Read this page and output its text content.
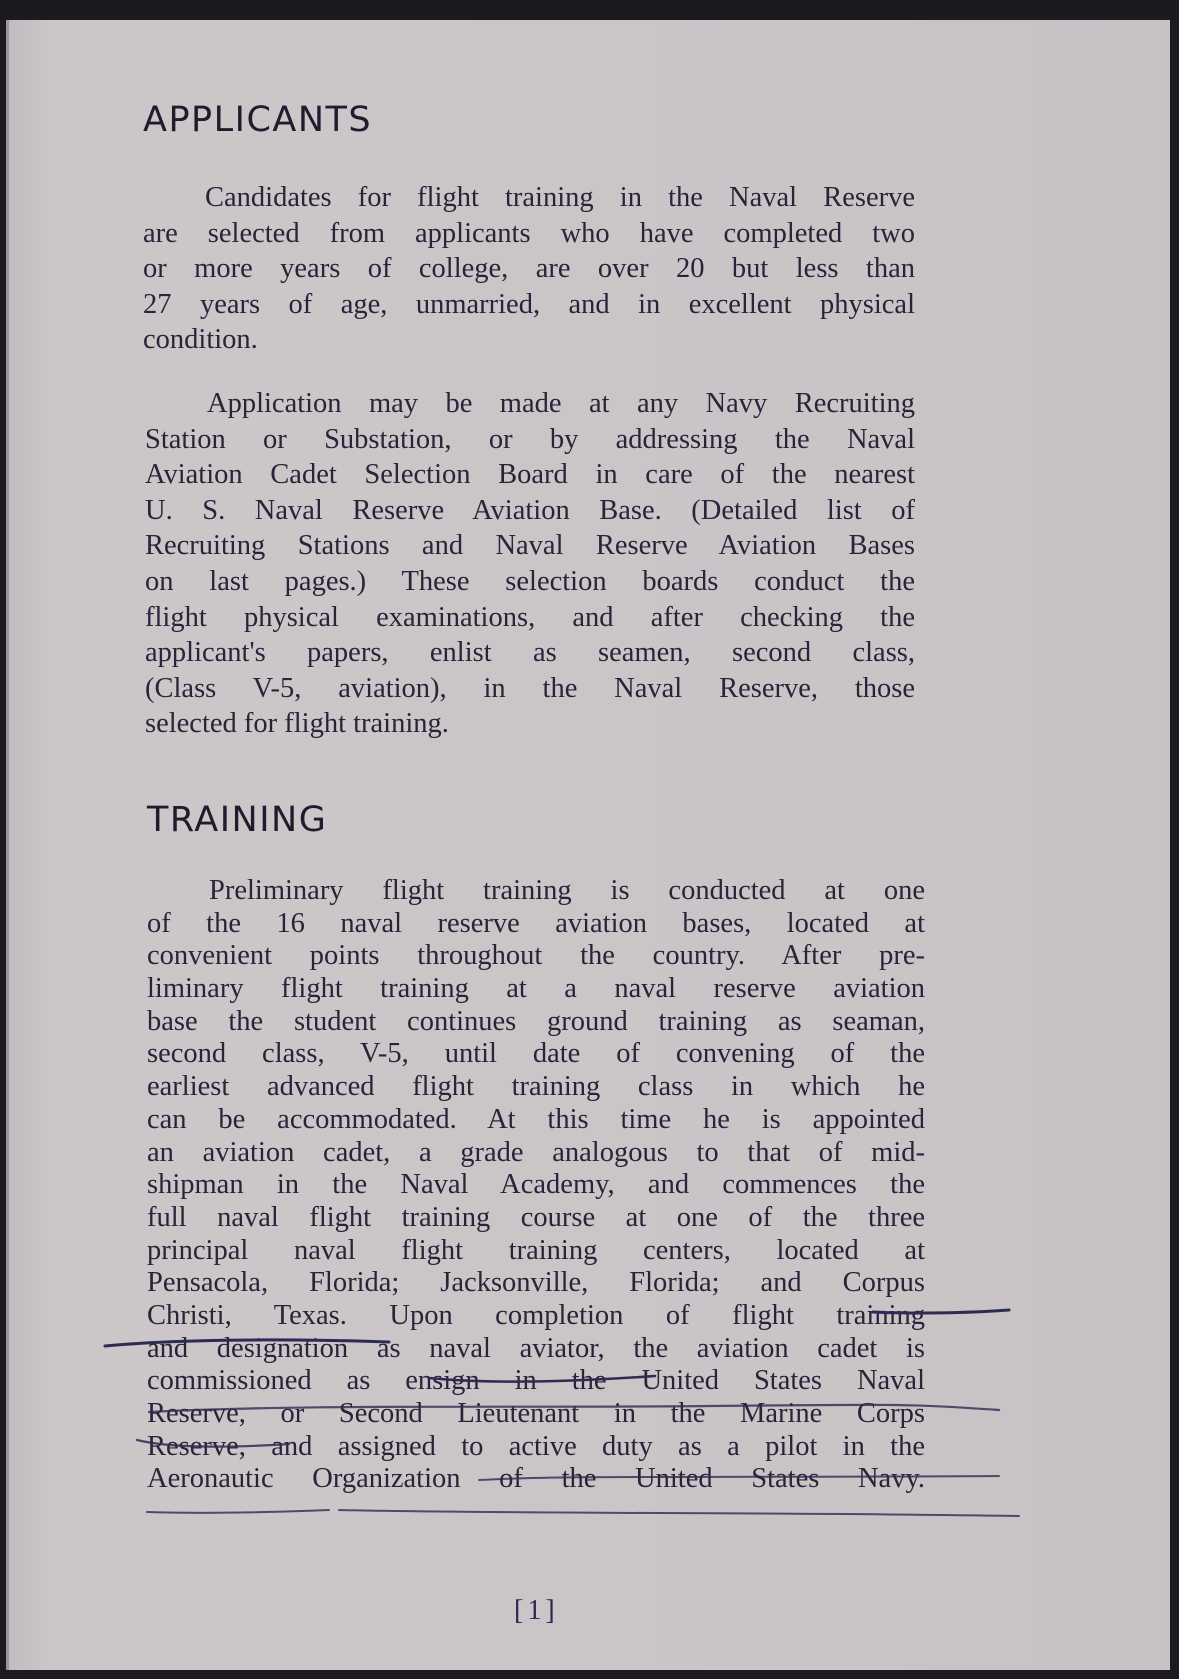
APPLICANTS
Candidates for flight training in the Naval Reserve
are selected from applicants who have completed two
or more years of college, are over 20 but less than
27 years of age, unmarried, and in excellent physical
condition.
Application may be made at any Navy Recruiting
Station or Substation, or by addressing the Naval
Aviation Cadet Selection Board in care of the nearest
U. S. Naval Reserve Aviation Base. (Detailed list of
Recruiting Stations and Naval Reserve Aviation Bases
on last pages.) These selection boards conduct the
flight physical examinations, and after checking the
applicant's papers, enlist as seamen, second class,
(Class V-5, aviation), in the Naval Reserve, those
selected for flight training.
TRAINING
Preliminary flight training is conducted at one
of the 16 naval reserve aviation bases, located at
convenient points throughout the country. After pre-
liminary flight training at a naval reserve aviation
base the student continues ground training as seaman,
second class, V-5, until date of convening of the
earliest advanced flight training class in which he
can be accommodated. At this time he is appointed
an aviation cadet, a grade analogous to that of mid-
shipman in the Naval Academy, and commences the
full naval flight training course at one of the three
principal naval flight training centers, located at
Pensacola, Florida; Jacksonville, Florida; and Corpus
Christi, Texas. Upon completion of flight training
and designation as naval aviator, the aviation cadet is
commissioned as ensign in the United States Naval
Reserve, or Second Lieutenant in the Marine Corps
Reserve, and assigned to active duty as a pilot in the
Aeronautic Organization of the United States Navy.
[1]
